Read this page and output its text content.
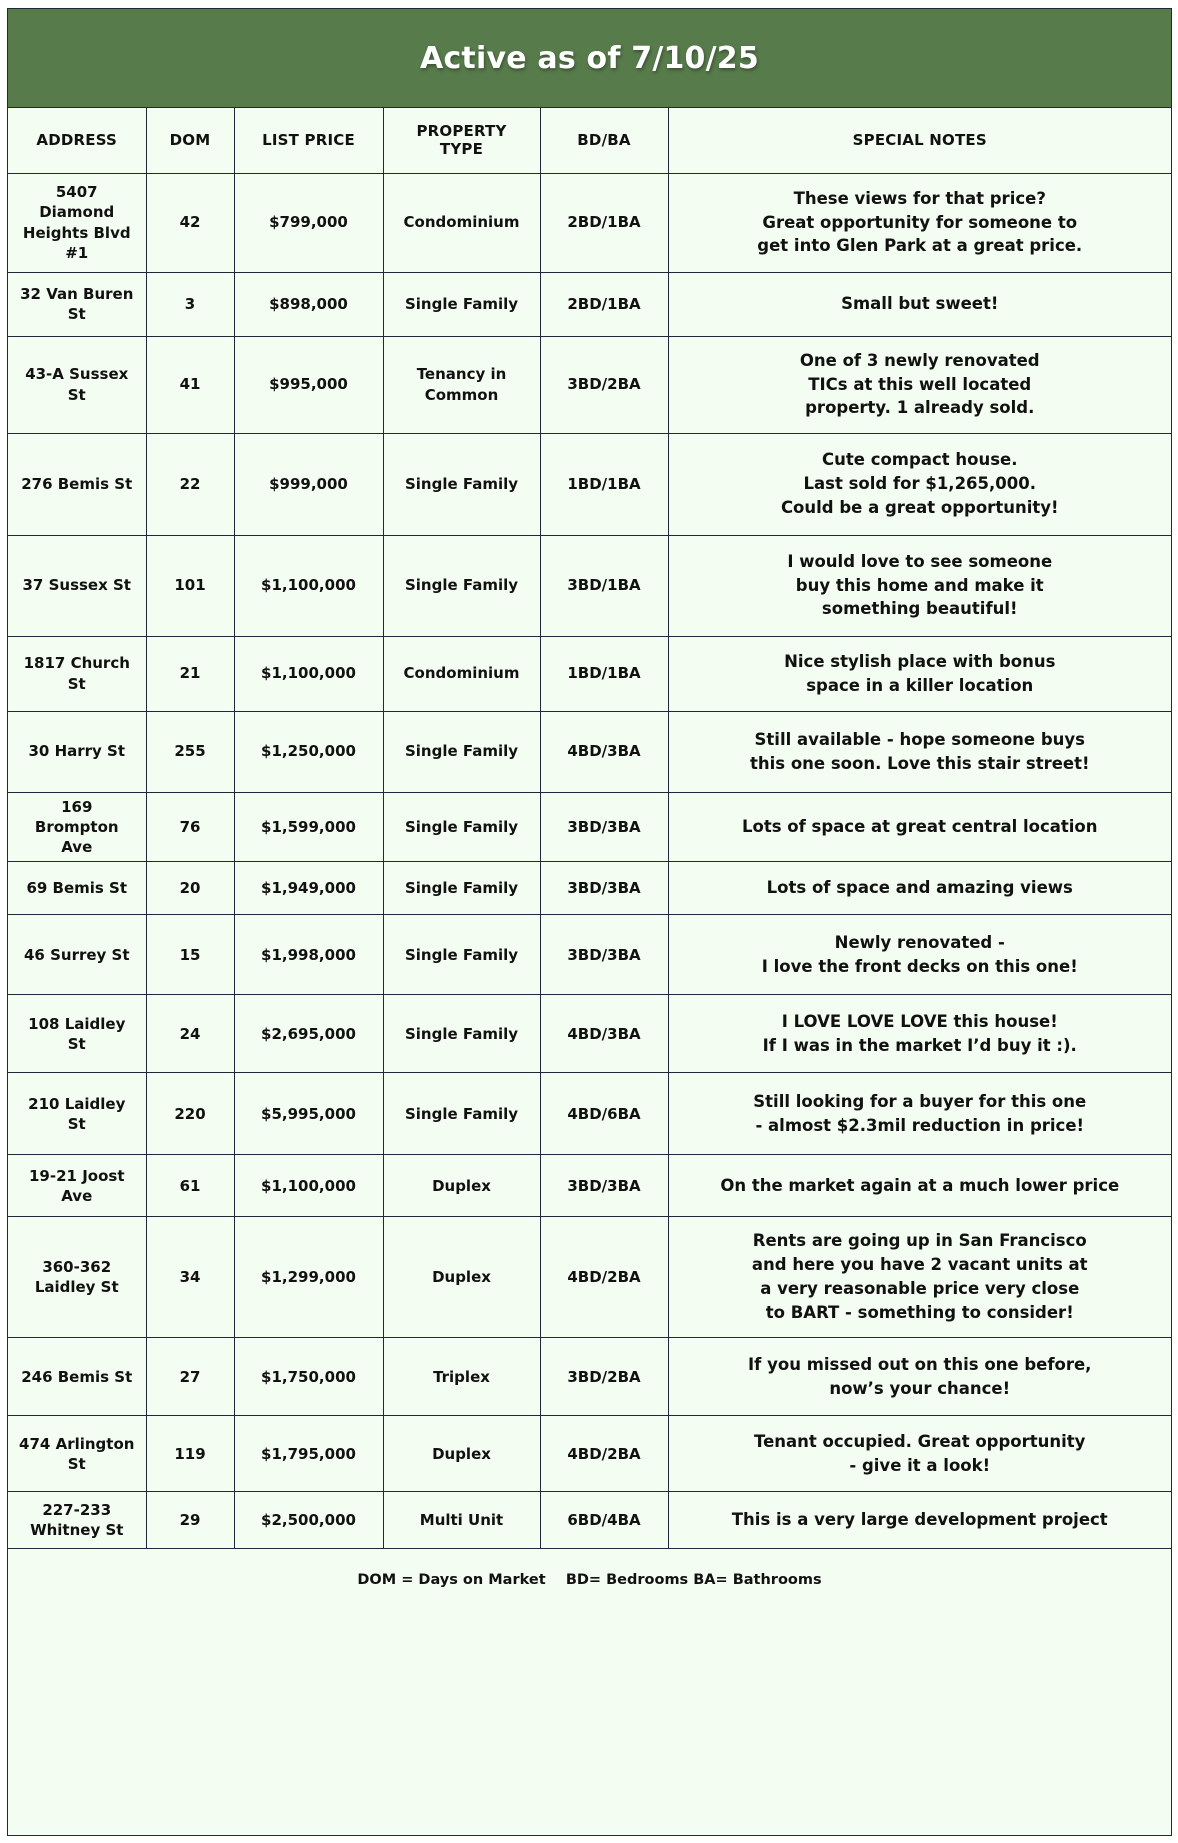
Active as of 7/10/25
ADDRESS	DOM	LIST PRICE	PROPERTY TYPE	BD/BA	SPECIAL NOTES
5407 Diamond
Heights Blvd #1	42	$799,000	Condominium	2BD/1BA	These views for that price?
Great opportunity for someone to
get into Glen Park at a great price.
32 Van Buren St	3	$898,000	Single Family	2BD/1BA	Small but sweet!
43-A Sussex St	41	$995,000	Tenancy in Common	3BD/2BA	One of 3 newly renovated
TICs at this well located
property. 1 already sold.
276 Bemis St	22	$999,000	Single Family	1BD/1BA	Cute compact house.
Last sold for $1,265,000.
Could be a great opportunity!
37 Sussex St	101	$1,100,000	Single Family	3BD/1BA	I would love to see someone
buy this home and make it
something beautiful!
1817 Church St	21	$1,100,000	Condominium	1BD/1BA	Nice stylish place with bonus
space in a killer location
30 Harry St	255	$1,250,000	Single Family	4BD/3BA	Still available - hope someone buys
this one soon. Love this stair street!
169 Brompton Ave	76	$1,599,000	Single Family	3BD/3BA	Lots of space at great central location
69 Bemis St	20	$1,949,000	Single Family	3BD/3BA	Lots of space and amazing views
46 Surrey St	15	$1,998,000	Single Family	3BD/3BA	Newly renovated -
I love the front decks on this one!
108 Laidley St	24	$2,695,000	Single Family	4BD/3BA	I LOVE LOVE LOVE this house!
If I was in the market I’d buy it :).
210 Laidley St	220	$5,995,000	Single Family	4BD/6BA	Still looking for a buyer for this one
- almost $2.3mil reduction in price!
19-21 Joost Ave	61	$1,100,000	Duplex	3BD/3BA	On the market again at a much lower price
360-362
Laidley St	34	$1,299,000	Duplex	4BD/2BA	Rents are going up in San Francisco
and here you have 2 vacant units at
a very reasonable price very close
to BART - something to consider!
246 Bemis St	27	$1,750,000	Triplex	3BD/2BA	If you missed out on this one before,
now’s your chance!
474 Arlington St	119	$1,795,000	Duplex	4BD/2BA	Tenant occupied. Great opportunity
- give it a look!
227-233 Whitney St	29	$2,500,000	Multi Unit	6BD/4BA	This is a very large development project
DOM = Days on Market    BD= Bedrooms BA= Bathrooms
